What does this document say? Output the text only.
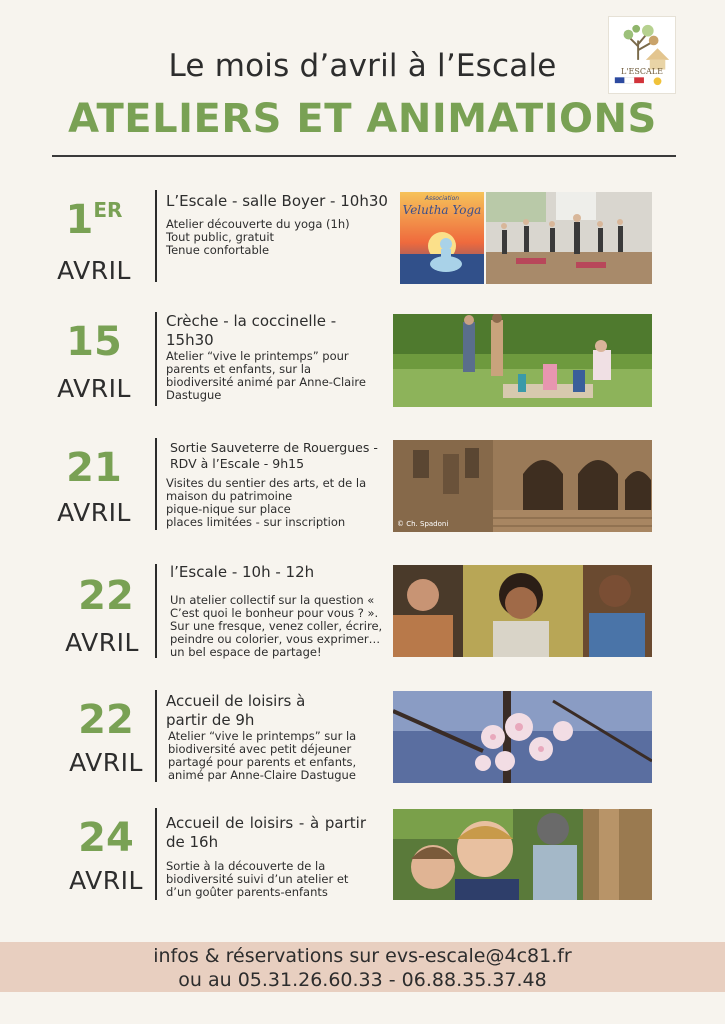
L'ESCALE
Le mois d’avril à l’Escale
ATELIERS ET ANIMATIONS
1ER
AVRIL
L’Escale - salle Boyer - 10h30
Atelier découverte du yoga (1h)
Tout public, gratuit
Tenue confortable
Association
Velutha Yoga
15
AVRIL
Crèche - la coccinelle - 15h30
Atelier “vive le printemps” pour parents et enfants, sur la biodiversité animé par Anne-Claire Dastugue
21
AVRIL
Sortie Sauveterre de Rouergues - RDV à l’Escale - 9h15
Visites du sentier des arts, et de la maison du patrimoine
pique-nique sur place
places limitées - sur inscription	© Ch. Spadoni
22
AVRIL
l’Escale - 10h - 12h
Un atelier collectif sur la question « C’est quoi le bonheur pour vous ? ». Sur une fresque, venez coller, écrire, peindre ou colorier, vous exprimer… un bel espace de partage!
22
AVRIL
Accueil de loisirs à partir de 9h
Atelier “vive le printemps” sur la biodiversité avec petit déjeuner partagé pour parents et enfants, animé par Anne-Claire Dastugue
24
AVRIL
Accueil de loisirs - à partir de 16h
Sortie à la découverte de la biodiversité suivi d’un atelier et d’un goûter parents-enfants
infos & réservations sur evs-escale@4c81.fr
ou au 05.31.26.60.33 - 06.88.35.37.48
